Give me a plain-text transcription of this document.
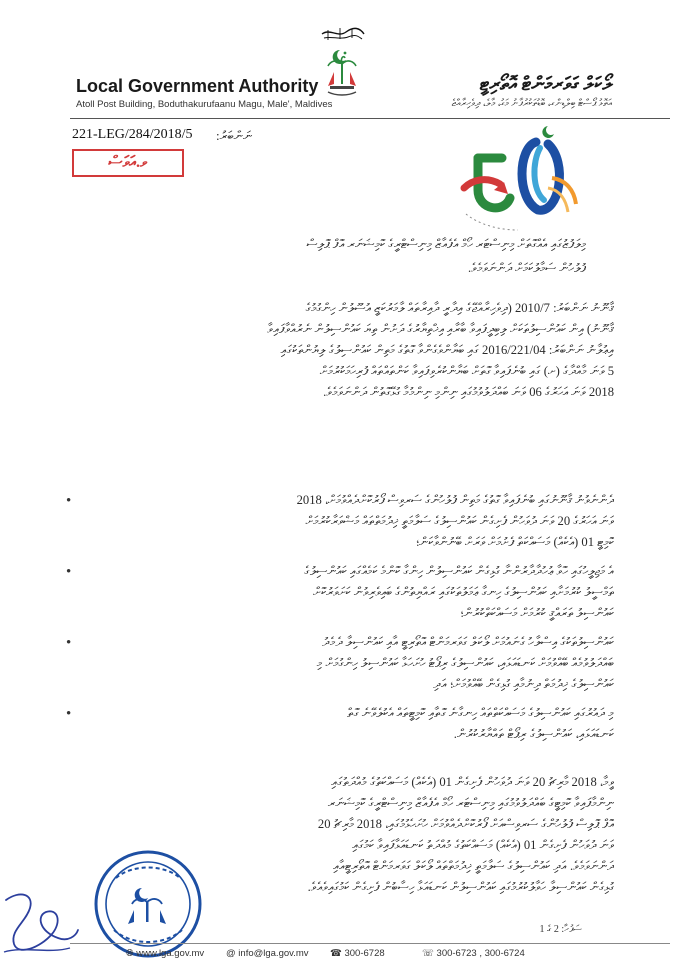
Local Government Authority
Atoll Post Building, Boduthakurufaanu Magu, Male', Maldives
ލޯކަލް ގަވަރމަންޓް އޮތޯރިޓީ
އަތޮޅު ޕޯސްޓް ބިލްޑިންގ، ބޮޑުތަކުރުފާނު މަގު، މާލެ، ދިވެހިރާއްޖެ
221-LEG/284/2018/5 ނަންބަރު:
ވ.އަވަސް
މިލަފުޒުގައި އެއްގޮތަށް މިނިސްޓަރ ހޯމް އެފެއާޒް މިނިސްޓްރީގެ ކޮމިޝަނަރ އޮފް ޕޮލިސް
ފުލުހުން ސަމާލުކަމަށް ދަންނަވަމެވެ.
ޤާނޫނު ނަންބަރު: 2010/7 (ދިވެހިރާއްޖޭގެ އިދާރީ ދާއިރާތައް ލާމަރުކަޒީ އުސޫލުން ހިންގުމުގެ
ޤާނޫނު) އިން ކައުންސިލުތަކަށް ލިބިދީފައިވާ ބާރާއި އިޚްތިޔާރުގެ ދަށުން ތިޔަ ކައުންސިލުން ނެރުއްވާފައިވާ
އިޢުލާނު ނަންބަރު: 2016/221/04 ގައި ބަޔާންވެގެންވާ ގޮތުގެ މަތިން ކައުންސިލުގެ ލިޔުންތަކުގައި
5 ވަނަ މާއްދާގެ (ށ) ގައި ބުނެފައިވާ ގޮތަށް ބަޔާންކުރެވިފައިވާ ކަންތައްތައް ފުރިހަމަކުރުމަށް
2018 ވަނަ އަހަރުގެ 06 ވަނަ ބައްދަލުވުމުގައި ނިންމި ނިންމުމާ ގުޅޭގޮތުން ދަންނަވަމެވެ.
•	ދެންނެވުނު ޤާނޫނުގައި ބުނެފައިވާ ގޮތުގެ މަތިން ފުލުހުންގެ ސަރވިސް ފޯރުކޮށްދެއްވުމަށް، 2018
ވަނަ އަހަރުގެ 20 ވަނަ ދުވަހުން ފެށިގެން ކައުންސިލުގެ ސަލާމަތީ ޚިދުމަތްތައް މަޝްވަރާކުރުމަށް
ކޮމިޓީ 01 (އެކެއް) މަސައްކަތް ފެށުމަށް ވަރަށް ބޭނުންވާކަން؛
•	އެ މަޖިލީހުގައި ހޮވާ ޢުހުދާދާރުންނާ ގުޅިގެން ކައުންސިލުން ހިންގާ ކޮންމެ ކަމެއްގައި ކައުންސިލުގެ
ތަމްސީލު ކުރުމަށާއި ކައުންސިލުގެ ހިނގާ ޢަމަލުތަކުގައި ރައްޔިތުންގެ ބައިވެރިވުން ކަށަވަރުކޮށް
ކައުންސިލު ތަރައްޤީ ކުރުމަށް މަސައްކަތްކުރުން؛
•	ކައުންސިލުތަކުގެ އިސްލާހު ގެނައުމަށް ލޯކަލް ގަވަރމަންޓް އޮތޯރިޓީ އާއި ކައުންސިލާ ދެމެދު
ބައްދަލުވުމެއް ބޭއްވުމަށް ކަނޑައަޅައި، ކައުންސިލުގެ ރިޕޯޓު ހުށަހަޅާ ކައުންސިލު ހިންގުމަށް މި
ކައުންސިލުގެ ޚިދުމަތް ދިނުމާއި ގުޅިގެން ބޭއްވުމަށް؛ އަދި
•	މި ދައުރުގައި ކައުންސިލުގެ މަސައްކަތްތައް ހިނގާނެ ގޮތާއި ކޮމިޓީތައް އެކުލެވޭނެ ގޮތް
ކަނޑައަޅައި، ކައުންސިލުގެ ރިޕޯޓް ތައްޔާރުކުރުން.
ވީމާ، 2018 މާރިޗު 20 ވަނަ ދުވަހުން ފެށިގެން 01 (އެކެއް) މަސައްކަތުގެ މުއްދަތުގައި
ނިންމާފައިވާ ކޮމިޓީގެ ބައްދަލުވުމުގައި މިނިސްޓަރ ހޯމް އެފެއާޒް މިނިސްޓްރީގެ ކޮމިޝަނަރ
އޮފް ޕޮލިސް ފުލުހުންގެ ސަރވިސްއަށް ފޯރުކޮށްދެއްވުމަށް ހުށަހެޅުމުގައި، 2018 މާރިޗު 20
ވަނަ ދުވަހުން ފެށިގެން 01 (އެކެއް) މަސައްކަތުގެ މުއްދަތު ކަނޑައަޅާފައިވާ ކަމުގައި
ދަންނަވަމެވެ. އަދި ކައުންސިލުގެ ސަލާމަތީ ޚިދުމަތްތައް ލޯކަލް ގަވަރމަންޓް އޮތޯރިޓީއާއި
ގުޅިގެން ކައުންސިލާ ހަވާލުކުރުމުގައި ކައުންސިލުން ކަނޑައަޅާ ހިސާބުން ފެށިގެން ކަމުގައިވެއެވެ.
ސަފުހާ: 2 ގެ 1
🌐︎ www.lga.gov.mv @ info@lga.gov.mv ☎ 300-6728	☏ 300-6723 , 300-6724
